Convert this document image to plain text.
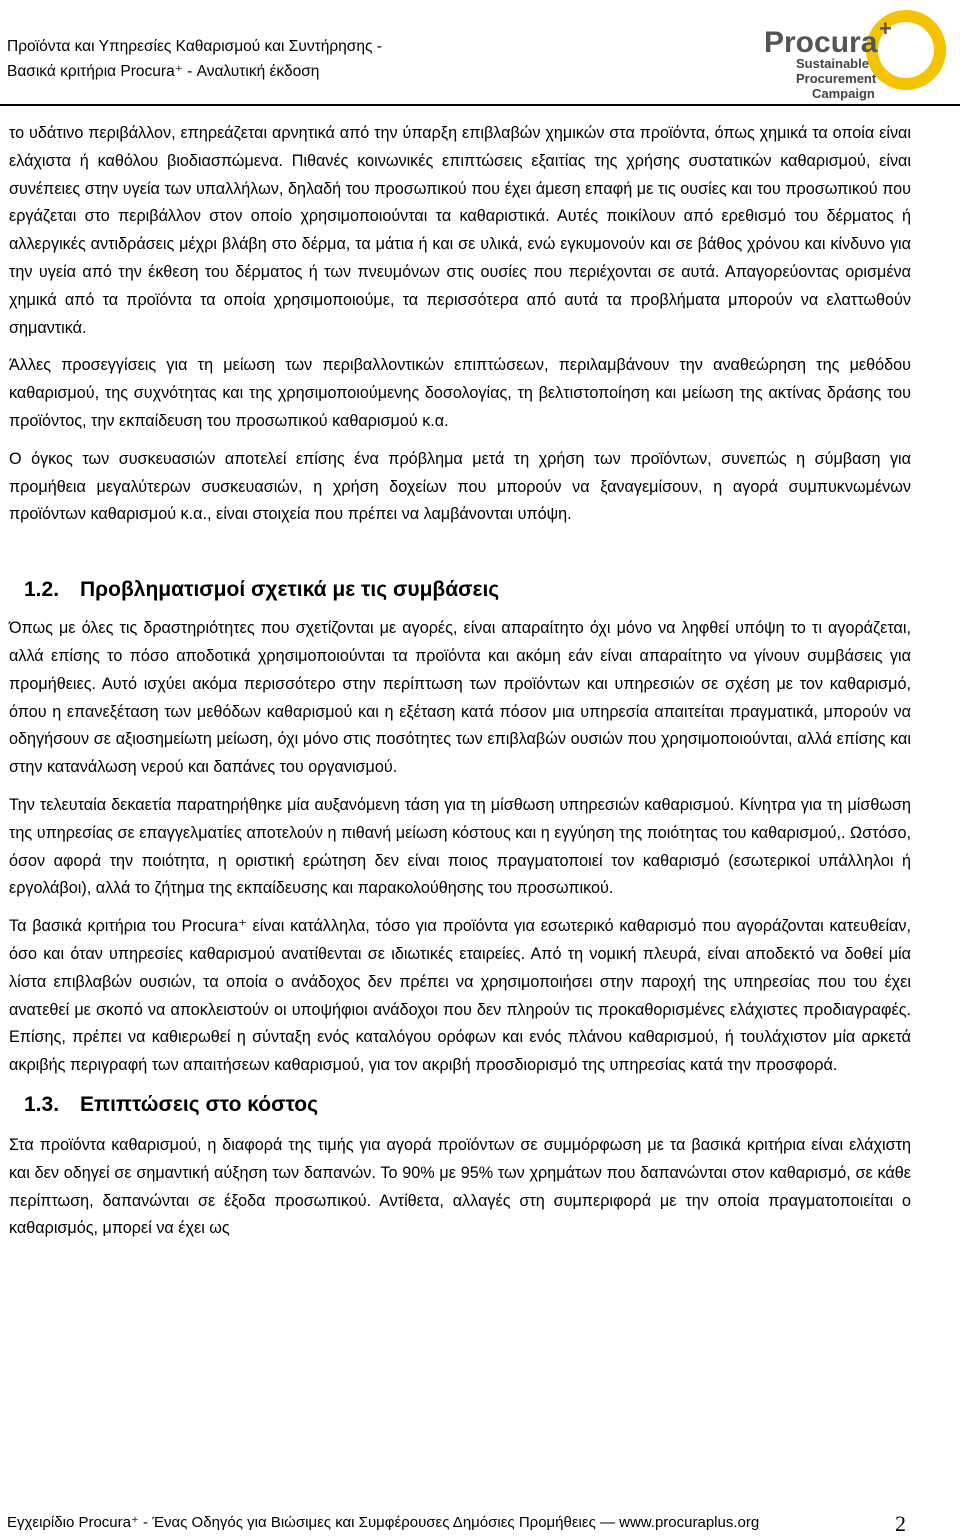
Προϊόντα και Υπηρεσίες Καθαρισμού και Συντήρησης -
Βασικά κριτήρια Procura⁺ - Αναλυτική έκδοση
Procura +
Sustainable
Procurement
Campaign

το υδάτινο περιβάλλον, επηρεάζεται αρνητικά από την ύπαρξη επιβλαβών χημικών στα προϊόντα, όπως χημικά τα οποία είναι ελάχιστα ή καθόλου βιοδιασπώμενα. Πιθανές κοινωνικές επιπτώσεις εξαιτίας της χρήσης συστατικών καθαρισμού, είναι συνέπειες στην υγεία των υπαλλήλων, δηλαδή του προσωπικού που έχει άμεση επαφή με τις ουσίες και του προσωπικού που εργάζεται στο περιβάλλον στον οποίο χρησιμοποιούνται τα καθαριστικά. Αυτές ποικίλουν από ερεθισμό του δέρματος ή αλλεργικές αντιδράσεις μέχρι βλάβη στο δέρμα, τα μάτια ή και σε υλικά, ενώ εγκυμονούν και σε βάθος χρόνου και κίνδυνο για την υγεία από την έκθεση του δέρματος ή των πνευμόνων στις ουσίες που περιέχονται σε αυτά. Απαγορεύοντας ορισμένα χημικά από τα προϊόντα τα οποία χρησιμοποιούμε, τα περισσότερα από αυτά τα προβλήματα μπορούν να ελαττωθούν σημαντικά.

Άλλες προσεγγίσεις για τη μείωση των περιβαλλοντικών επιπτώσεων, περιλαμβάνουν την αναθεώρηση της μεθόδου καθαρισμού, της συχνότητας και της χρησιμοποιούμενης δοσολογίας, τη βελτιστοποίηση και μείωση της ακτίνας δράσης του προϊόντος, την εκπαίδευση του προσωπικού καθαρισμού κ.α.

Ο όγκος των συσκευασιών αποτελεί επίσης ένα πρόβλημα μετά τη χρήση των προϊόντων, συνεπώς η σύμβαση για προμήθεια μεγαλύτερων συσκευασιών, η χρήση δοχείων που μπορούν να ξαναγεμίσουν, η αγορά συμπυκνωμένων προϊόντων καθαρισμού κ.α., είναι στοιχεία που πρέπει να λαμβάνονται υπόψη.

1.2. Προβληματισμοί σχετικά με τις συμβάσεις

Όπως με όλες τις δραστηριότητες που σχετίζονται με αγορές, είναι απαραίτητο όχι μόνο να ληφθεί υπόψη το τι αγοράζεται, αλλά επίσης το πόσο αποδοτικά χρησιμοποιούνται τα προϊόντα και ακόμη εάν είναι απαραίτητο να γίνουν συμβάσεις για προμήθειες. Αυτό ισχύει ακόμα περισσότερο στην περίπτωση των προϊόντων και υπηρεσιών σε σχέση με τον καθαρισμό, όπου η επανεξέταση των μεθόδων καθαρισμού και η εξέταση κατά πόσον μια υπηρεσία απαιτείται πραγματικά, μπορούν να οδηγήσουν σε αξιοσημείωτη μείωση, όχι μόνο στις ποσότητες των επιβλαβών ουσιών που χρησιμοποιούνται, αλλά επίσης και στην κατανάλωση νερού και δαπάνες του οργανισμού.

Την τελευταία δεκαετία παρατηρήθηκε μία αυξανόμενη τάση για τη μίσθωση υπηρεσιών καθαρισμού. Κίνητρα για τη μίσθωση της υπηρεσίας σε επαγγελματίες αποτελούν η πιθανή μείωση κόστους και η εγγύηση της ποιότητας του καθαρισμού,. Ωστόσο, όσον αφορά την ποιότητα, η οριστική ερώτηση δεν είναι ποιος πραγματοποιεί τον καθαρισμό (εσωτερικοί υπάλληλοι ή εργολάβοι), αλλά το ζήτημα της εκπαίδευσης και παρακολούθησης του προσωπικού.

Τα βασικά κριτήρια του Procura⁺ είναι κατάλληλα, τόσο για προϊόντα για εσωτερικό καθαρισμό που αγοράζονται κατευθείαν, όσο και όταν υπηρεσίες καθαρισμού ανατίθενται σε ιδιωτικές εταιρείες. Από τη νομική πλευρά, είναι αποδεκτό να δοθεί μία λίστα επιβλαβών ουσιών, τα οποία ο ανάδοχος δεν πρέπει να χρησιμοποιήσει στην παροχή της υπηρεσίας που του έχει ανατεθεί με σκοπό να αποκλειστούν οι υποψήφιοι ανάδοχοι που δεν πληρούν τις προκαθορισμένες ελάχιστες προδιαγραφές. Επίσης, πρέπει να καθιερωθεί η σύνταξη ενός καταλόγου ορόφων και ενός πλάνου καθαρισμού, ή τουλάχιστον μία αρκετά ακριβής περιγραφή των απαιτήσεων καθαρισμού, για τον ακριβή προσδιορισμό της υπηρεσίας κατά την προσφορά.

1.3. Επιπτώσεις στο κόστος

Στα προϊόντα καθαρισμού, η διαφορά της τιμής για αγορά προϊόντων σε συμμόρφωση με τα βασικά κριτήρια είναι ελάχιστη και δεν οδηγεί σε σημαντική αύξηση των δαπανών. Το 90% με 95% των χρημάτων που δαπανώνται στον καθαρισμό, σε κάθε περίπτωση, δαπανώνται σε έξοδα προσωπικού. Αντίθετα, αλλαγές στη συμπεριφορά με την οποία πραγματοποιείται ο καθαρισμός, μπορεί να έχει ως

Εγχειρίδιο Procura⁺ - Ένας Οδηγός για Βιώσιμες και Συμφέρουσες Δημόσιες Προμήθειες — www.procuraplus.org	2
